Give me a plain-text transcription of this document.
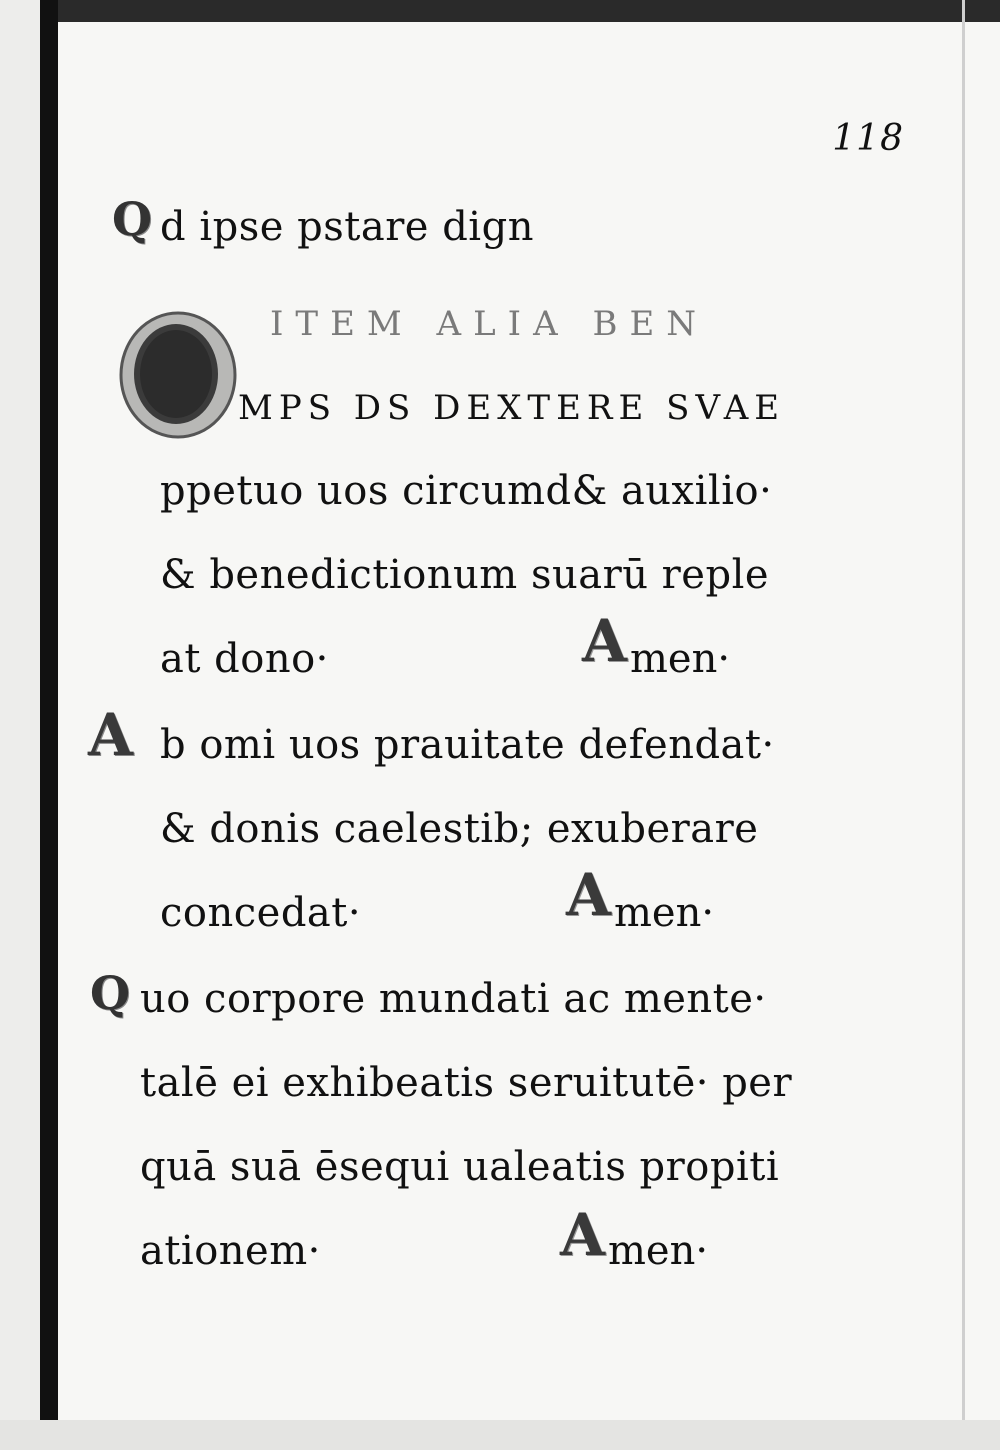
118
Q d ipse pstare dign
ITEM ALIA BEN
MPS DS DEXTERE SVAE
ppetuo uos circumd& auxilio·
& benedictionum suarū reple
at dono·	A men·
A b omi uos prauitate defendat·
& donis caelestib; exuberare
concedat·	A men·
Q uo corpore mundati ac mente·
talē ei exhibeatis seruitutē· per
quā suā ēsequi ualeatis propiti
ationem·	A men·
